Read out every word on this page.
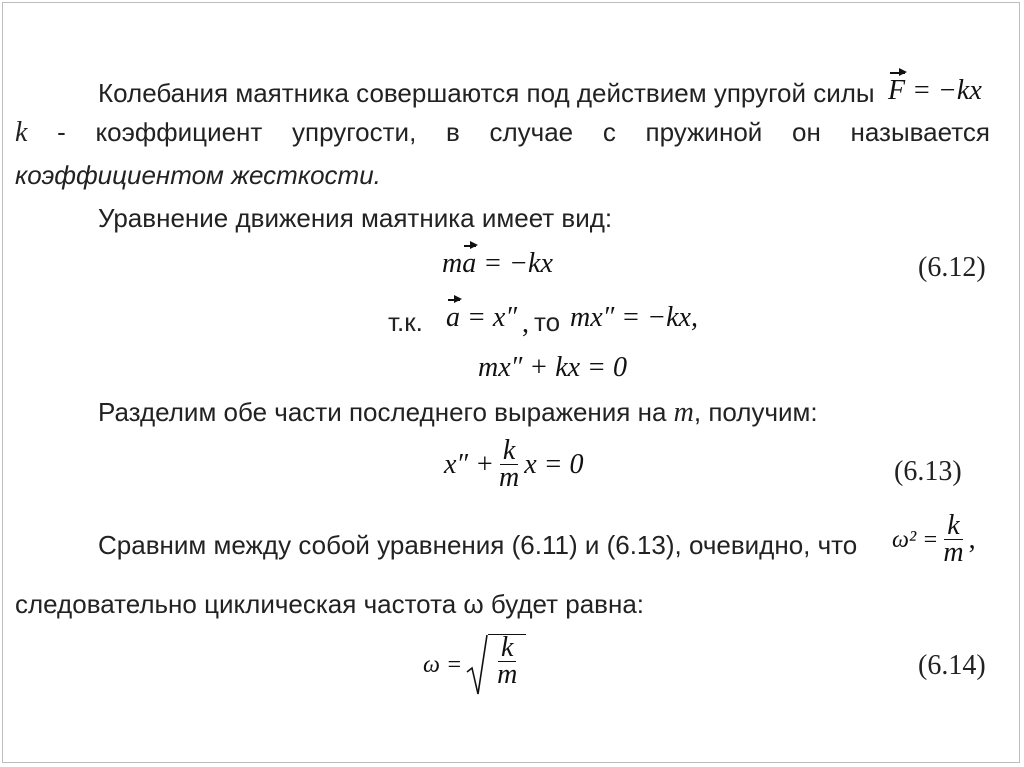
Колебания маятника совершаются под действием упругой силы F = −kx
k - коэффициент упругости, в случае с пружиной он называется
коэффициентом жесткости.
Уравнение движения маятника имеет вид:
ma = −kx	(6.12)
т.к. a = x″ , то mx″ = −kx,
mx″ + kx = 0
Разделим обе части последнего выражения на m, получим:
$x'' + \frac{k}{m}$ x = 0	(6.13)
Сравним между собой уравнения (6.11) и (6.13), очевидно, что $\omega^2 = \frac{k}{m}$ ,
следовательно циклическая частота ω будет равна:
$\omega = \frac{k}{m}$	(6.14)
